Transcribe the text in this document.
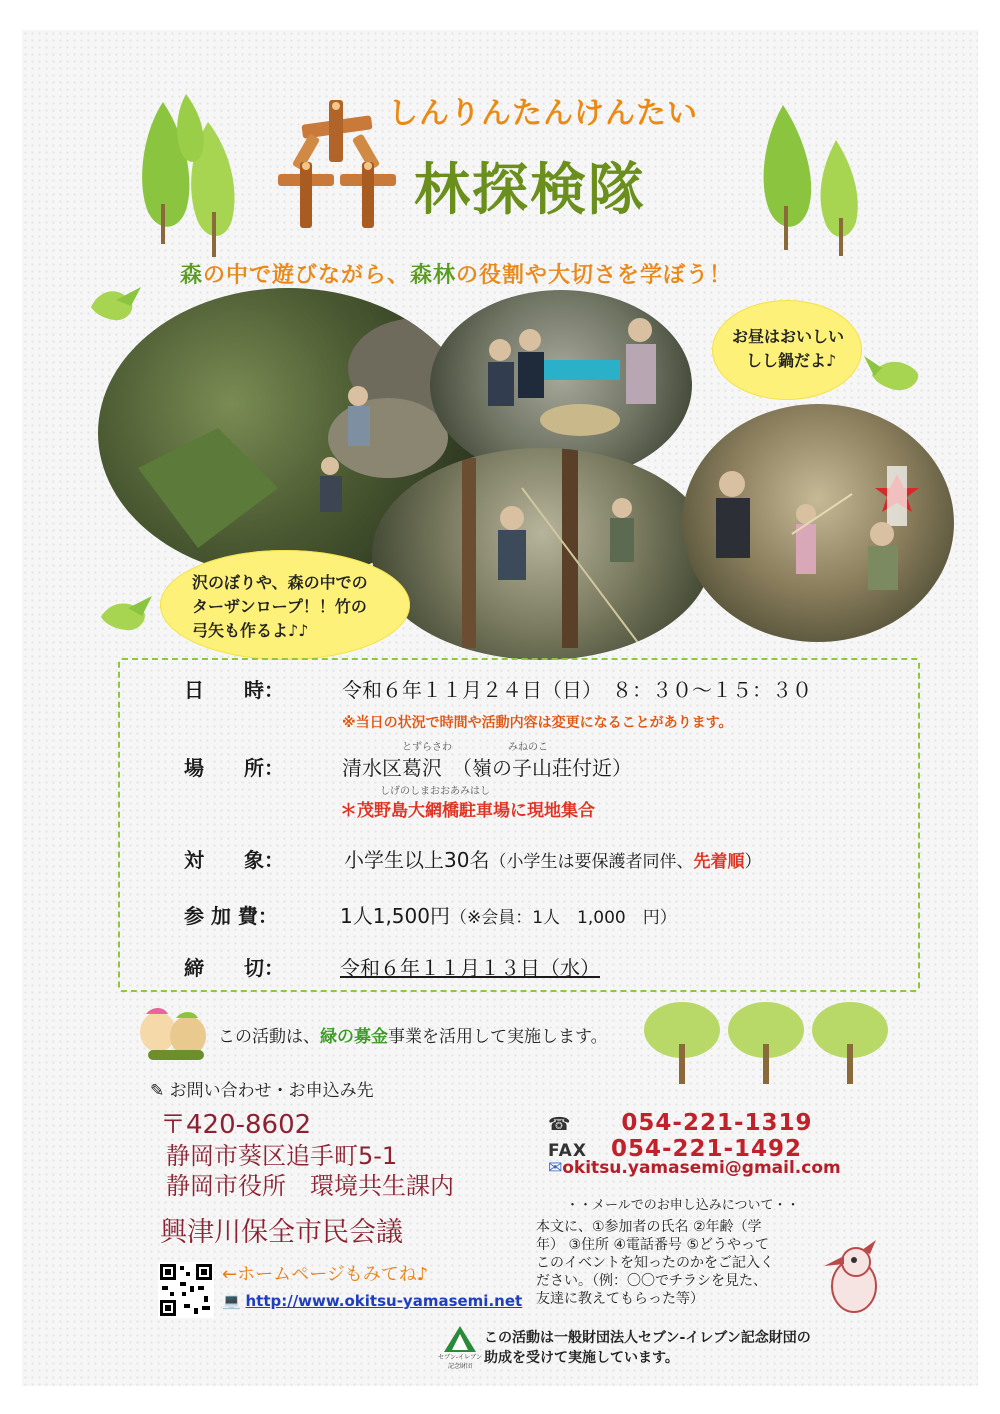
しんりんたんけんたい
林探検隊
森の中で遊びながら、森林の役割や大切さを学ぼう！
お昼はおいしい
しし鍋だよ♪
沢のぼりや、森の中での
ターザンロープ！！竹の
弓矢も作るよ♪♪
日　　時：	令和６年１１月２４日（日）　８：３０～１５：３０
※当日の状況で時間や活動内容は変更になることがあります。
とずらさわ	みねのこ
場　　所：	清水区葛沢　 （嶺の子山荘付近）
しげのしまおおあみはし
＊茂野島大網橋駐車場に現地集合
対　　象：	小学生以上30名（小学生は要保護者同伴、先着順）
参 加 費：	1人1,500円（※会員：1人　1,000　円）
締　　切：	令和６年１１月１３日（水）
この活動は、緑の募金事業を活用して実施します。
✎ お問い合わせ・お申込み先
〒420-8602
静岡市葵区追手町5-1
静岡市役所　環境共生課内
興津川保全市民会議
←ホームページもみてね♪
💻 http://www.okitsu-yamasemi.net
☎　 054-221-1319
FAX　 054-221-1492
✉okitsu.yamasemi@gmail.com
・・メールでのお申し込みについて・・
本文に、①参加者の氏名 ②年齢（学
年） ③住所 ④電話番号 ⑤どうやって
このイベントを知ったのかをご記入く
ださい。（例：〇〇でチラシを見た、
友達に教えてもらった等）
セブン-イレブン
記念財団
この活動は一般財団法人セブン-イレブン記念財団の
助成を受けて実施しています。
